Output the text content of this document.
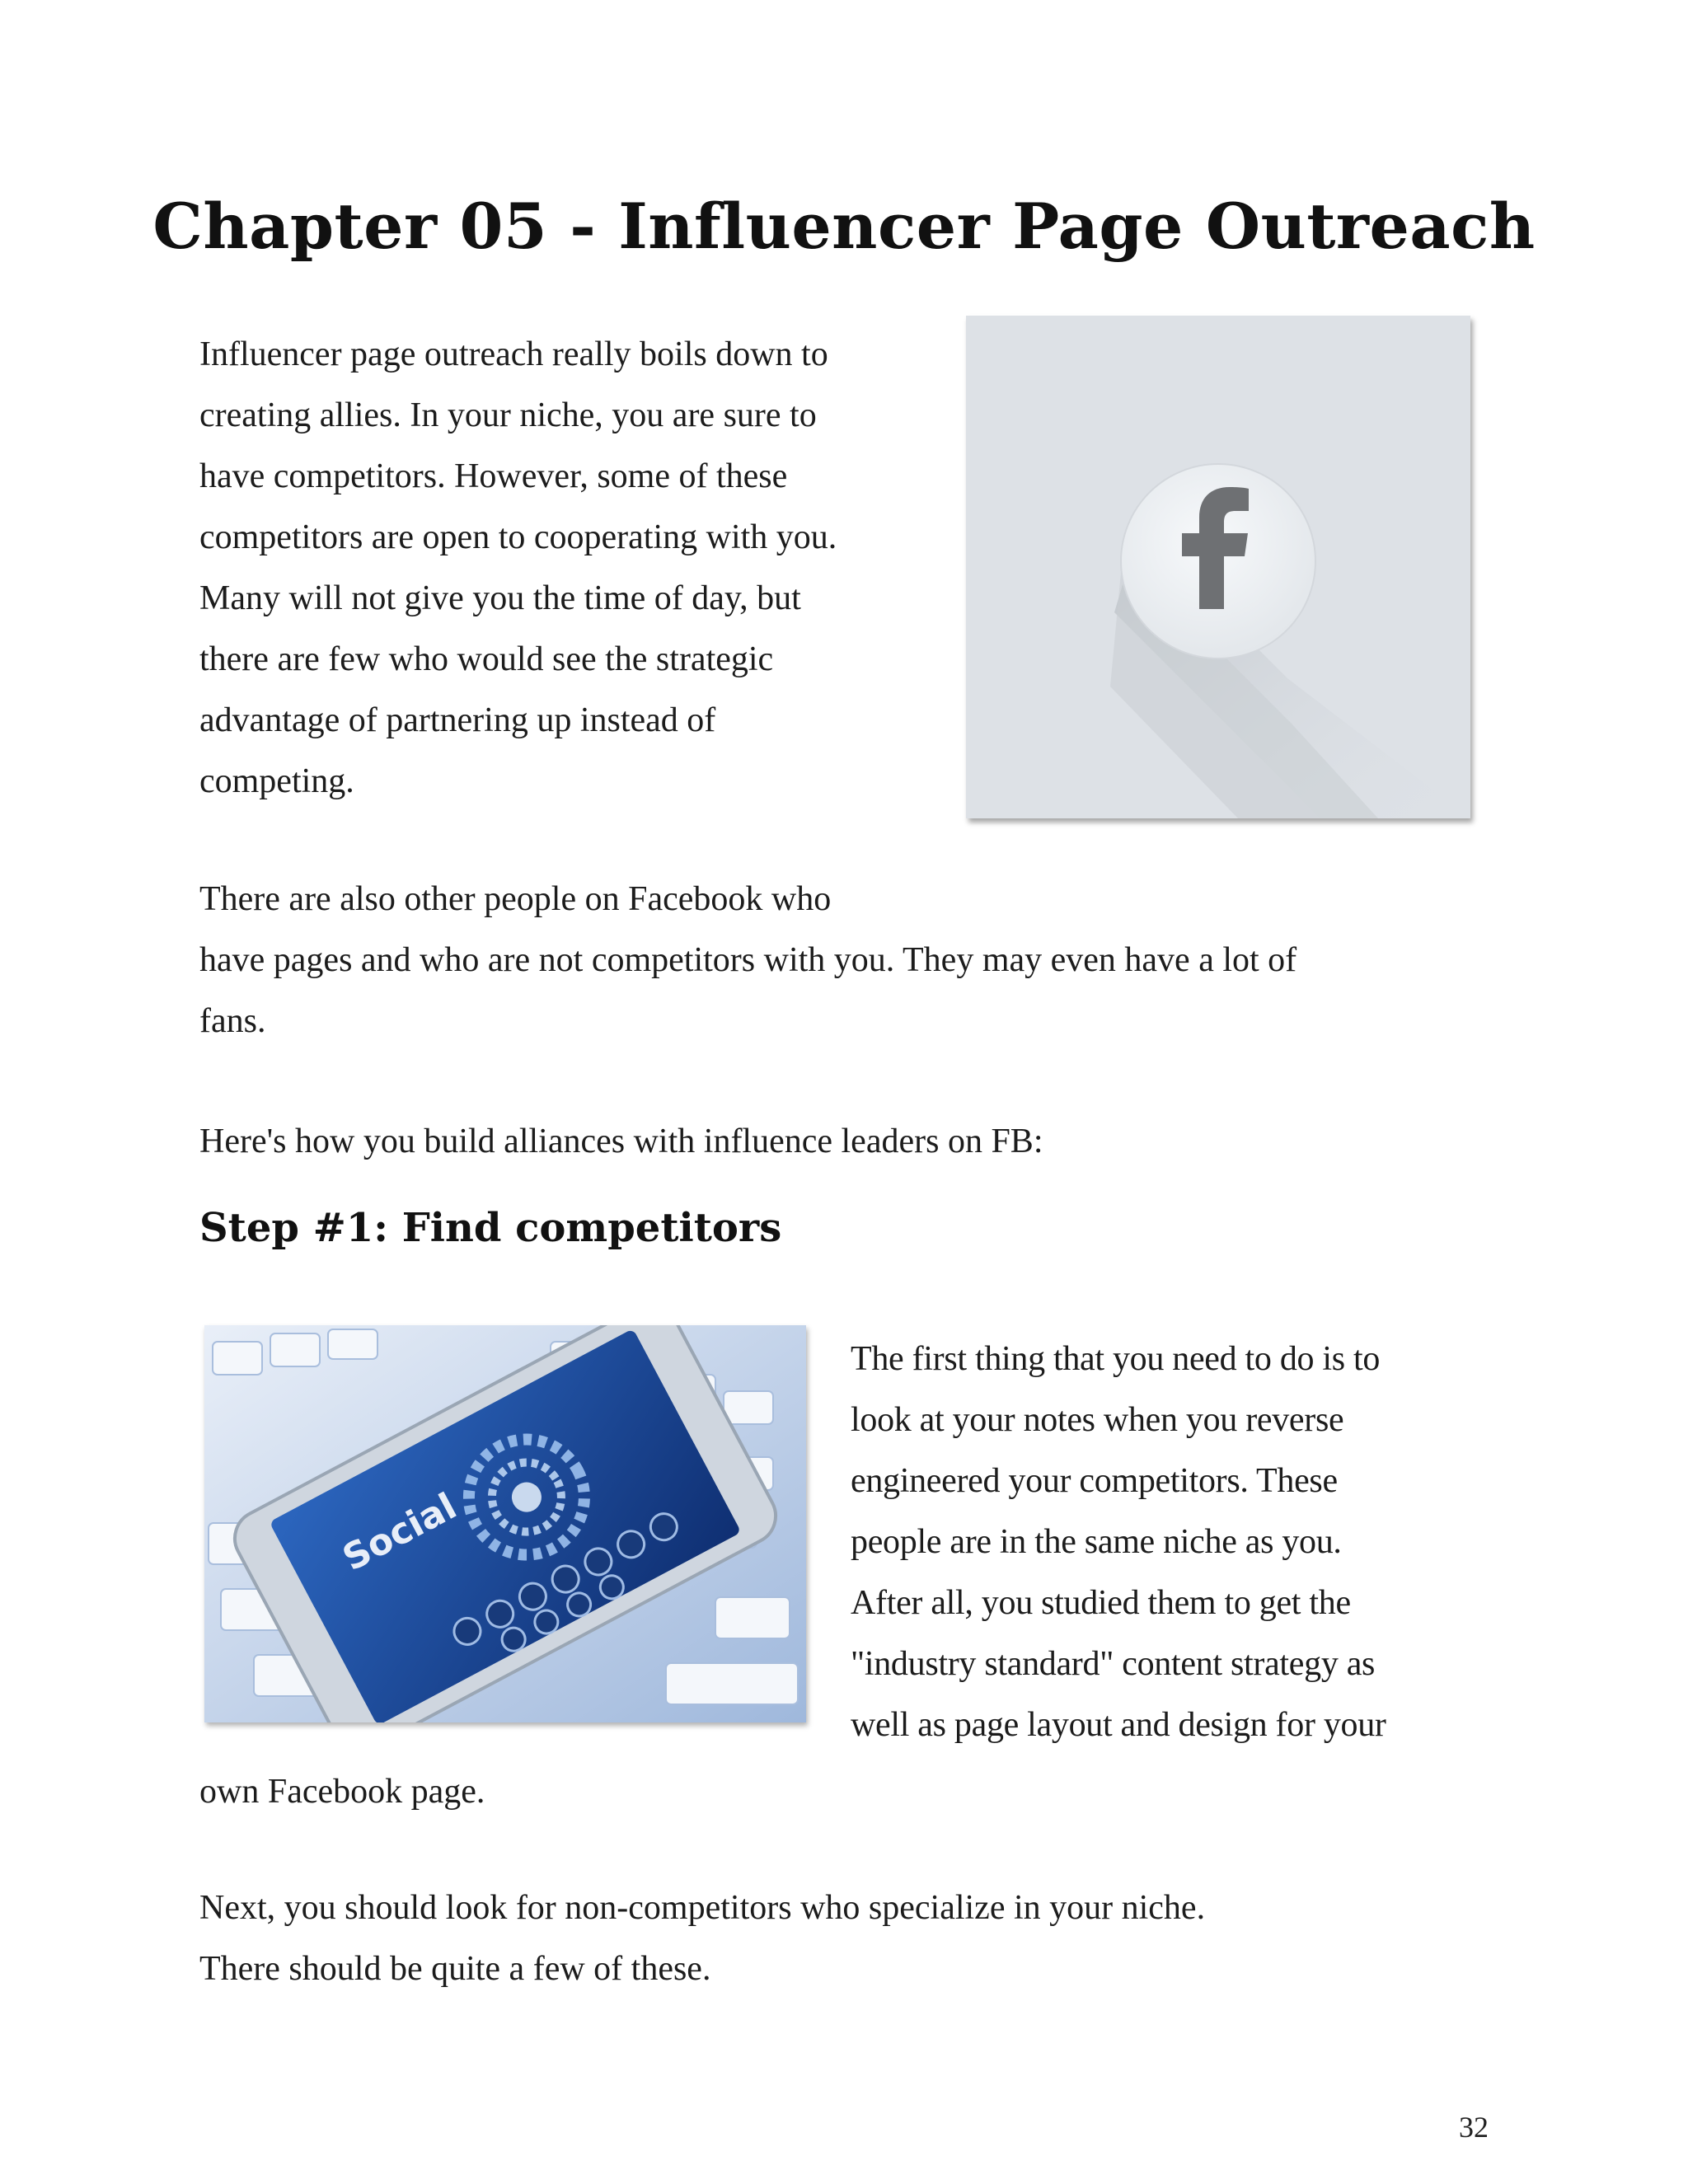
Chapter 05 - Influencer Page Outreach
Influencer page outreach really boils down to
creating allies. In your niche, you are sure to
have competitors. However, some of these
competitors are open to cooperating with you.
Many will not give you the time of day, but
there are few who would see the strategic
advantage of partnering up instead of
competing.
There are also other people on Facebook who
have pages and who are not competitors with you. They may even have a lot of
fans.

Here's how you build alliances with influence leaders on FB:

Step #1: Find competitors
Social
The first thing that you need to do is to
look at your notes when you reverse
engineered your competitors. These
people are in the same niche as you.
After all, you studied them to get the
"industry standard" content strategy as
well as page layout and design for your

own Facebook page.

Next, you should look for non-competitors who specialize in your niche.
There should be quite a few of these.
32
